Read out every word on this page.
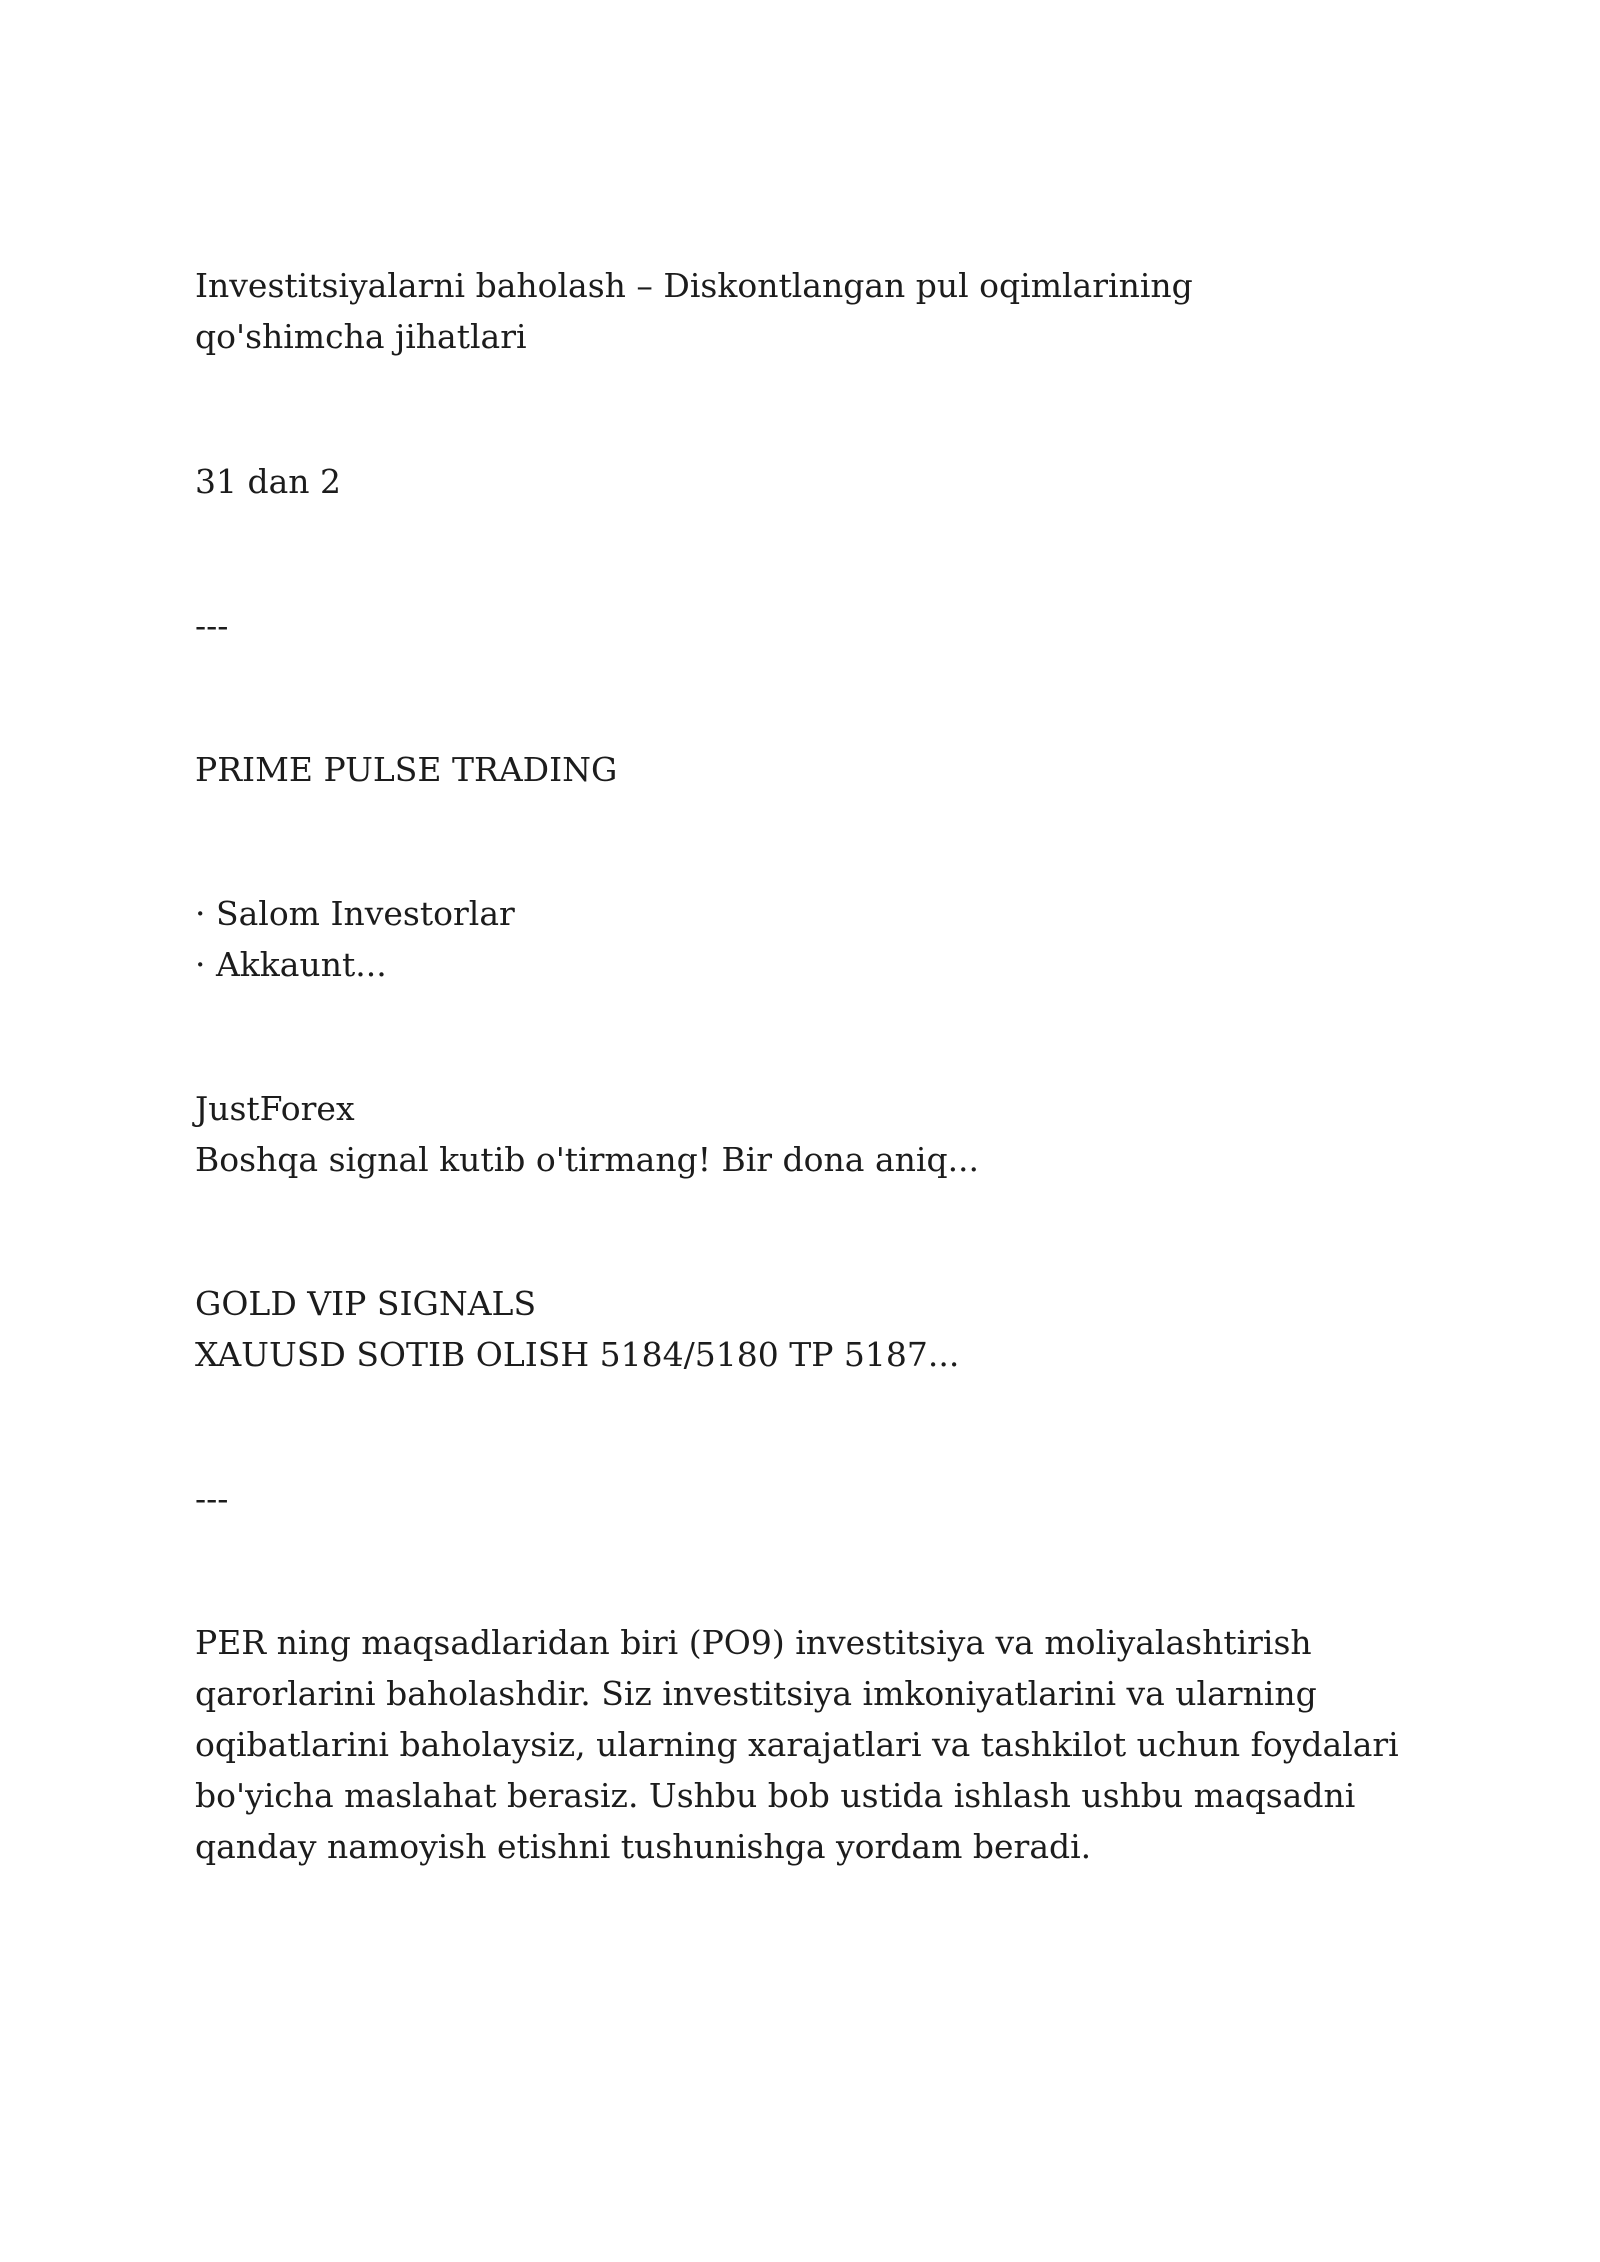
Investitsiyalarni baholash – Diskontlangan pul oqimlarining qo'shimcha jihatlari

31 dan 2

---

PRIME PULSE TRADING

· Salom Investorlar

· Akkaunt...

JustForex

Boshqa signal kutib o'tirmang! Bir dona aniq...

GOLD VIP SIGNALS

XAUUSD SOTIB OLISH 5184/5180 TP 5187...

---

PER ning maqsadlaridan biri (PO9) investitsiya va moliyalashtirish qarorlarini baholashdir. Siz investitsiya imkoniyatlarini va ularning oqibatlarini baholaysiz, ularning xarajatlari va tashkilot uchun foydalari bo'yicha maslahat berasiz. Ushbu bob ustida ishlash ushbu maqsadni qanday namoyish etishni tushunishga yordam beradi.
